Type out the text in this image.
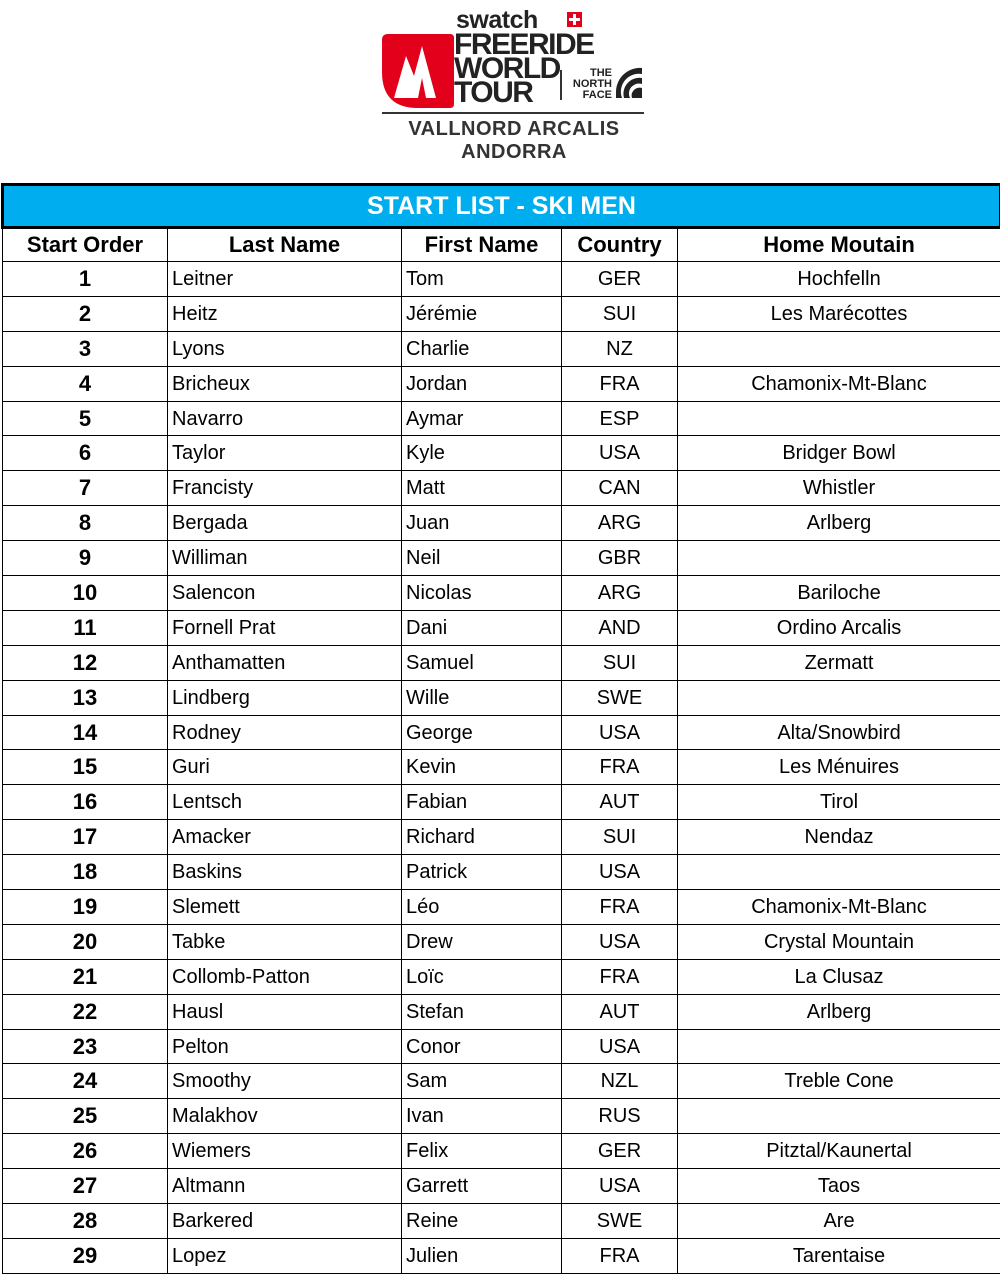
swatch
FREERIDE
WORLD
TOUR
THE
NORTH
FACE
VALLNORD ARCALIS
ANDORRA
START LIST - SKI MEN				
Start Order	Last Name	First Name	Country	Home Moutain
1	Leitner	Tom	GER	Hochfelln
2	Heitz	Jérémie	SUI	Les Marécottes
3	Lyons	Charlie	NZ	
4	Bricheux	Jordan	FRA	Chamonix-Mt-Blanc
5	Navarro	Aymar	ESP	
6	Taylor	Kyle	USA	Bridger Bowl
7	Francisty	Matt	CAN	Whistler
8	Bergada	Juan	ARG	Arlberg
9	Williman	Neil	GBR	
10	Salencon	Nicolas	ARG	Bariloche
11	Fornell Prat	Dani	AND	Ordino Arcalis
12	Anthamatten	Samuel	SUI	Zermatt
13	Lindberg	Wille	SWE	
14	Rodney	George	USA	Alta/Snowbird
15	Guri	Kevin	FRA	Les Ménuires
16	Lentsch	Fabian	AUT	Tirol
17	Amacker	Richard	SUI	Nendaz
18	Baskins	Patrick	USA	
19	Slemett	Léo	FRA	Chamonix-Mt-Blanc
20	Tabke	Drew	USA	Crystal Mountain
21	Collomb-Patton	Loïc	FRA	La Clusaz
22	Hausl	Stefan	AUT	Arlberg
23	Pelton	Conor	USA	
24	Smoothy	Sam	NZL	Treble Cone
25	Malakhov	Ivan	RUS	
26	Wiemers	Felix	GER	Pitztal/Kaunertal
27	Altmann	Garrett	USA	Taos
28	Barkered	Reine	SWE	Are
29	Lopez	Julien	FRA	Tarentaise
